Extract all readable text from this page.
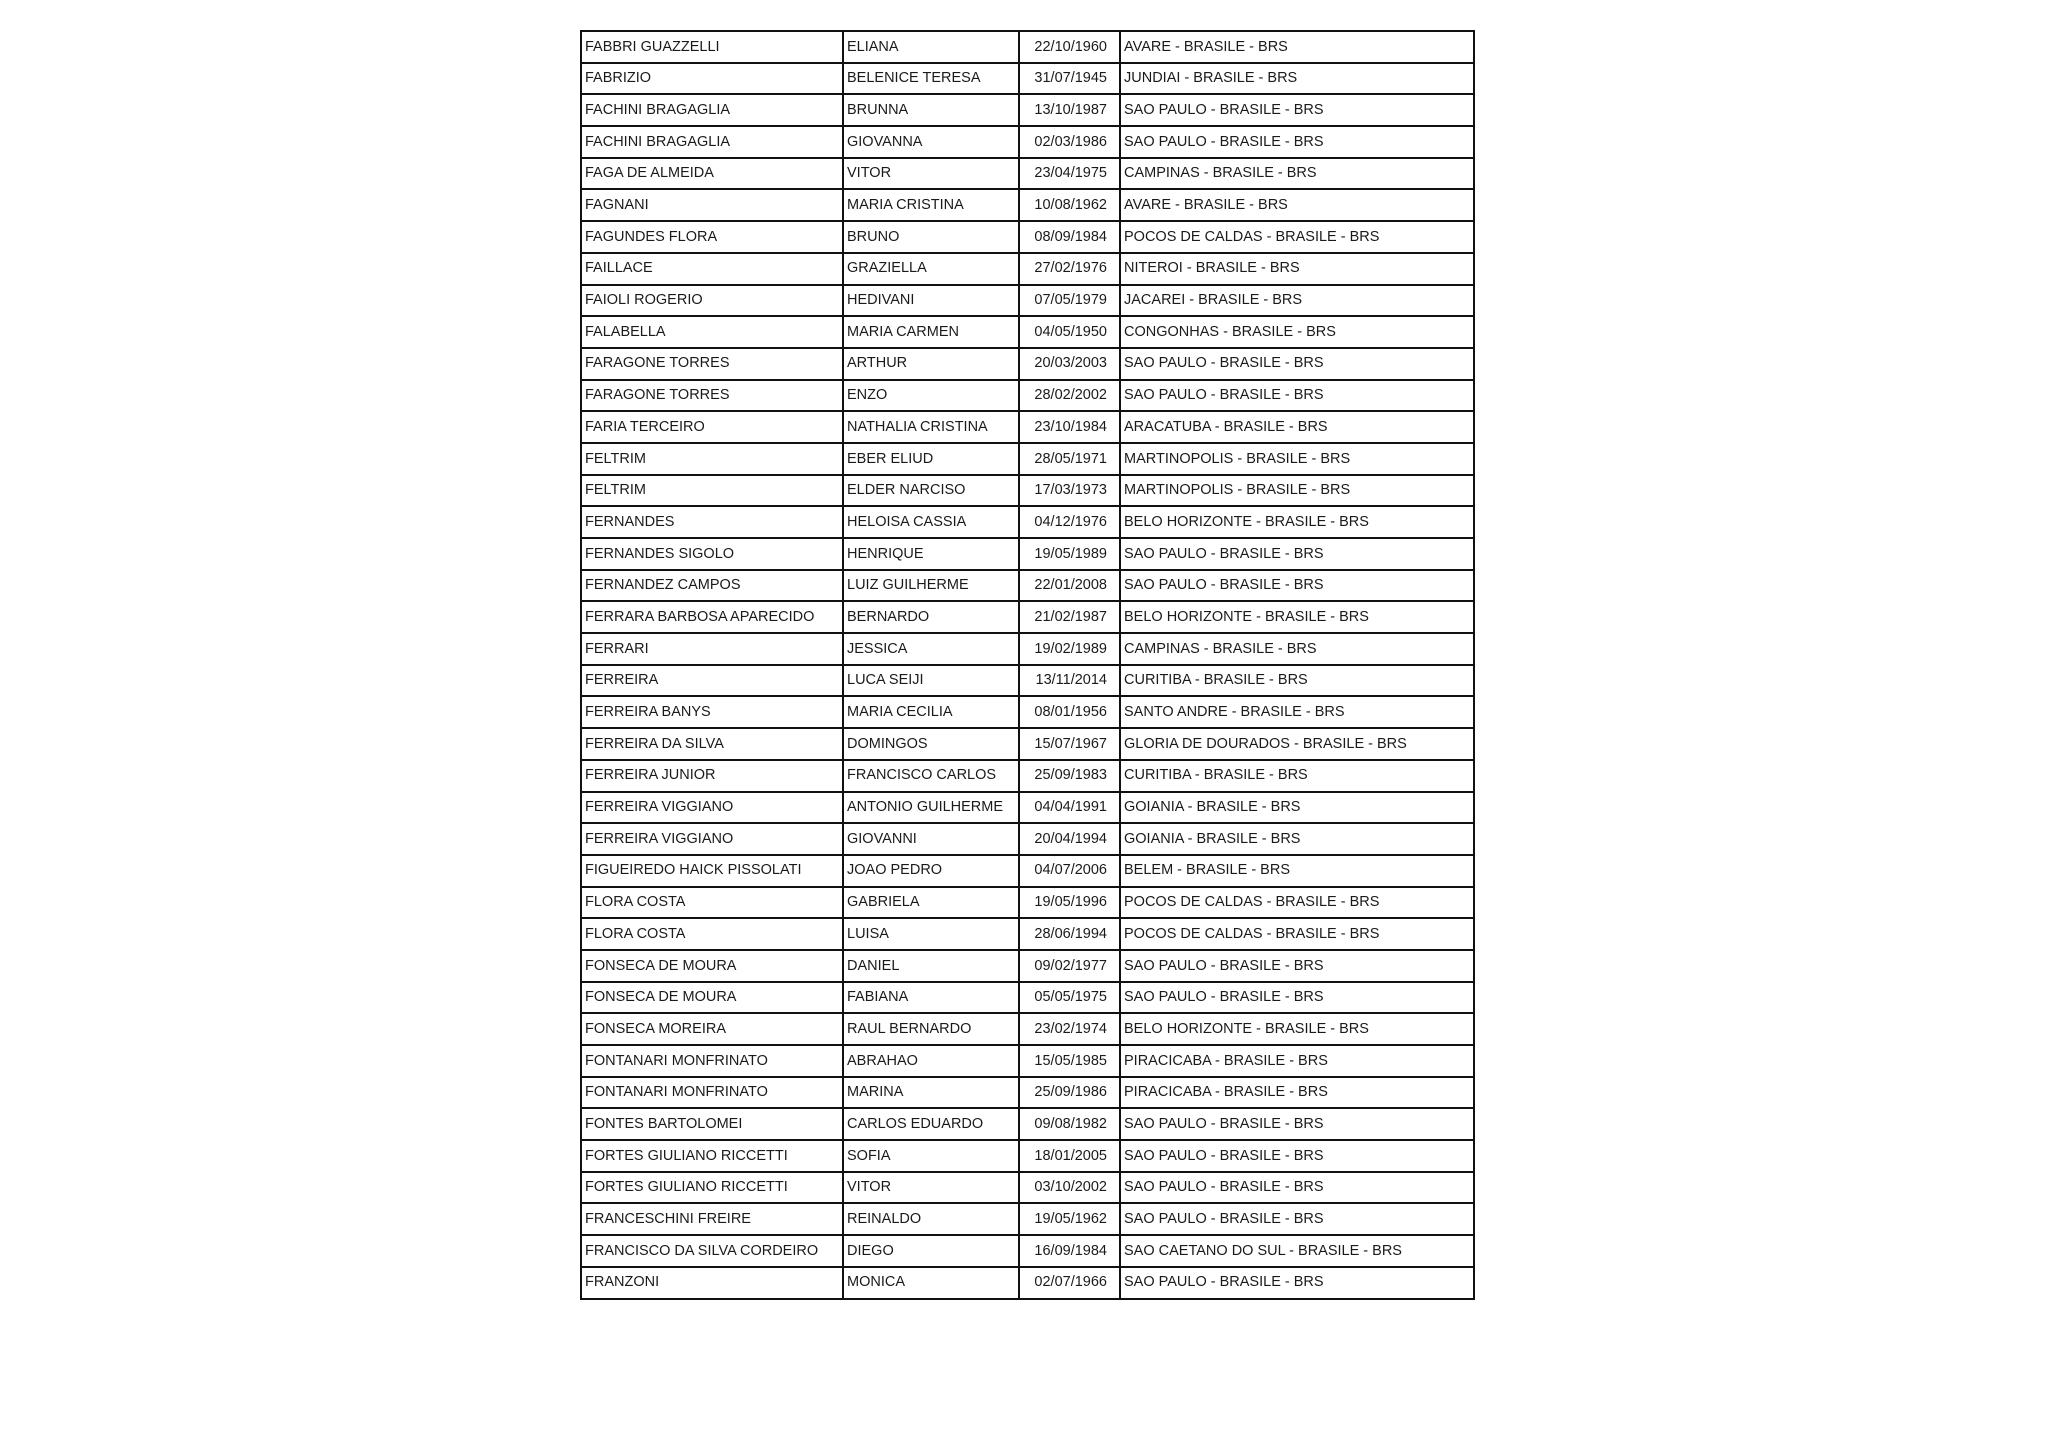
FABBRI GUAZZELLI	ELIANA	22/10/1960	AVARE - BRASILE - BRS
FABRIZIO	BELENICE TERESA	31/07/1945	JUNDIAI - BRASILE - BRS
FACHINI BRAGAGLIA	BRUNNA	13/10/1987	SAO PAULO - BRASILE - BRS
FACHINI BRAGAGLIA	GIOVANNA	02/03/1986	SAO PAULO - BRASILE - BRS
FAGA DE ALMEIDA	VITOR	23/04/1975	CAMPINAS - BRASILE - BRS
FAGNANI	MARIA CRISTINA	10/08/1962	AVARE - BRASILE - BRS
FAGUNDES FLORA	BRUNO	08/09/1984	POCOS DE CALDAS - BRASILE - BRS
FAILLACE	GRAZIELLA	27/02/1976	NITEROI - BRASILE - BRS
FAIOLI ROGERIO	HEDIVANI	07/05/1979	JACAREI - BRASILE - BRS
FALABELLA	MARIA CARMEN	04/05/1950	CONGONHAS - BRASILE - BRS
FARAGONE TORRES	ARTHUR	20/03/2003	SAO PAULO - BRASILE - BRS
FARAGONE TORRES	ENZO	28/02/2002	SAO PAULO - BRASILE - BRS
FARIA TERCEIRO	NATHALIA CRISTINA	23/10/1984	ARACATUBA - BRASILE - BRS
FELTRIM	EBER ELIUD	28/05/1971	MARTINOPOLIS - BRASILE - BRS
FELTRIM	ELDER NARCISO	17/03/1973	MARTINOPOLIS - BRASILE - BRS
FERNANDES	HELOISA CASSIA	04/12/1976	BELO HORIZONTE - BRASILE - BRS
FERNANDES SIGOLO	HENRIQUE	19/05/1989	SAO PAULO - BRASILE - BRS
FERNANDEZ CAMPOS	LUIZ GUILHERME	22/01/2008	SAO PAULO - BRASILE - BRS
FERRARA BARBOSA APARECIDO	BERNARDO	21/02/1987	BELO HORIZONTE - BRASILE - BRS
FERRARI	JESSICA	19/02/1989	CAMPINAS - BRASILE - BRS
FERREIRA	LUCA SEIJI	13/11/2014	CURITIBA - BRASILE - BRS
FERREIRA BANYS	MARIA CECILIA	08/01/1956	SANTO ANDRE - BRASILE - BRS
FERREIRA DA SILVA	DOMINGOS	15/07/1967	GLORIA DE DOURADOS - BRASILE - BRS
FERREIRA JUNIOR	FRANCISCO CARLOS	25/09/1983	CURITIBA - BRASILE - BRS
FERREIRA VIGGIANO	ANTONIO GUILHERME	04/04/1991	GOIANIA - BRASILE - BRS
FERREIRA VIGGIANO	GIOVANNI	20/04/1994	GOIANIA - BRASILE - BRS
FIGUEIREDO HAICK PISSOLATI	JOAO PEDRO	04/07/2006	BELEM - BRASILE - BRS
FLORA COSTA	GABRIELA	19/05/1996	POCOS DE CALDAS - BRASILE - BRS
FLORA COSTA	LUISA	28/06/1994	POCOS DE CALDAS - BRASILE - BRS
FONSECA DE MOURA	DANIEL	09/02/1977	SAO PAULO - BRASILE - BRS
FONSECA DE MOURA	FABIANA	05/05/1975	SAO PAULO - BRASILE - BRS
FONSECA MOREIRA	RAUL BERNARDO	23/02/1974	BELO HORIZONTE - BRASILE - BRS
FONTANARI MONFRINATO	ABRAHAO	15/05/1985	PIRACICABA - BRASILE - BRS
FONTANARI MONFRINATO	MARINA	25/09/1986	PIRACICABA - BRASILE - BRS
FONTES BARTOLOMEI	CARLOS EDUARDO	09/08/1982	SAO PAULO - BRASILE - BRS
FORTES GIULIANO RICCETTI	SOFIA	18/01/2005	SAO PAULO - BRASILE - BRS
FORTES GIULIANO RICCETTI	VITOR	03/10/2002	SAO PAULO - BRASILE - BRS
FRANCESCHINI FREIRE	REINALDO	19/05/1962	SAO PAULO - BRASILE - BRS
FRANCISCO DA SILVA CORDEIRO	DIEGO	16/09/1984	SAO CAETANO DO SUL - BRASILE - BRS
FRANZONI	MONICA	02/07/1966	SAO PAULO - BRASILE - BRS
